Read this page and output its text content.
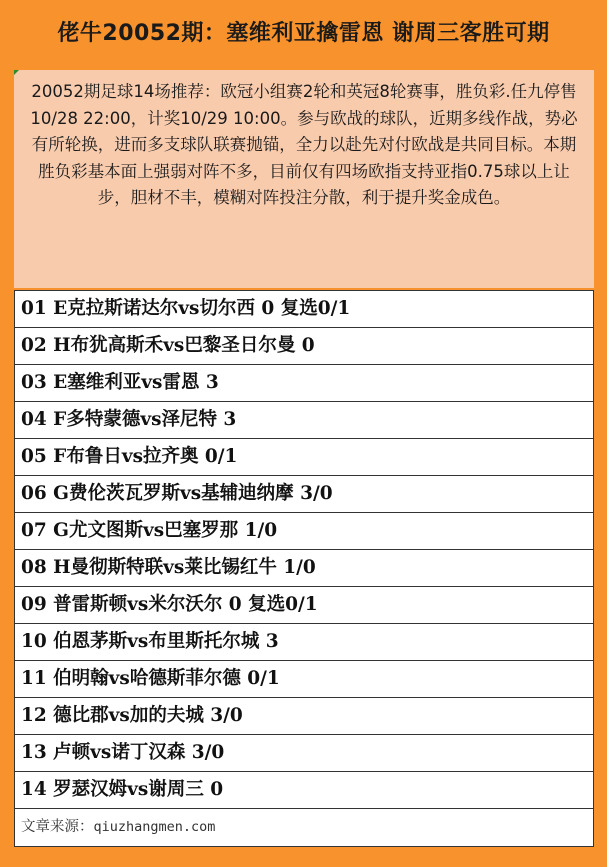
佬牛20052期：塞维利亚擒雷恩 谢周三客胜可期
20052期足球14场推荐：欧冠小组赛2轮和英冠8轮赛事，胜负彩.任九停售10/28 22:00，计奖10/29 10:00。参与欧战的球队，近期多线作战，势必有所轮换，进而多支球队联赛抛锚，全力以赴先对付欧战是共同目标。本期胜负彩基本面上强弱对阵不多，目前仅有四场欧指支持亚指0.75球以上让步，胆材不丰，模糊对阵投注分散，利于提升奖金成色。
01 E克拉斯诺达尔vs切尔西 0 复选0/1
02 H布犹高斯禾vs巴黎圣日尔曼 0
03 E塞维利亚vs雷恩 3
04 F多特蒙德vs泽尼特 3
05 F布鲁日vs拉齐奥 0/1
06 G费伦茨瓦罗斯vs基辅迪纳摩 3/0
07 G尤文图斯vs巴塞罗那 1/0
08 H曼彻斯特联vs莱比锡红牛 1/0
09 普雷斯顿vs米尔沃尔 0 复选0/1
10 伯恩茅斯vs布里斯托尔城 3
11 伯明翰vs哈德斯菲尔德 0/1
12 德比郡vs加的夫城 3/0
13 卢顿vs诺丁汉森 3/0
14 罗瑟汉姆vs谢周三 0
文章来源：qiuzhangmen.com
